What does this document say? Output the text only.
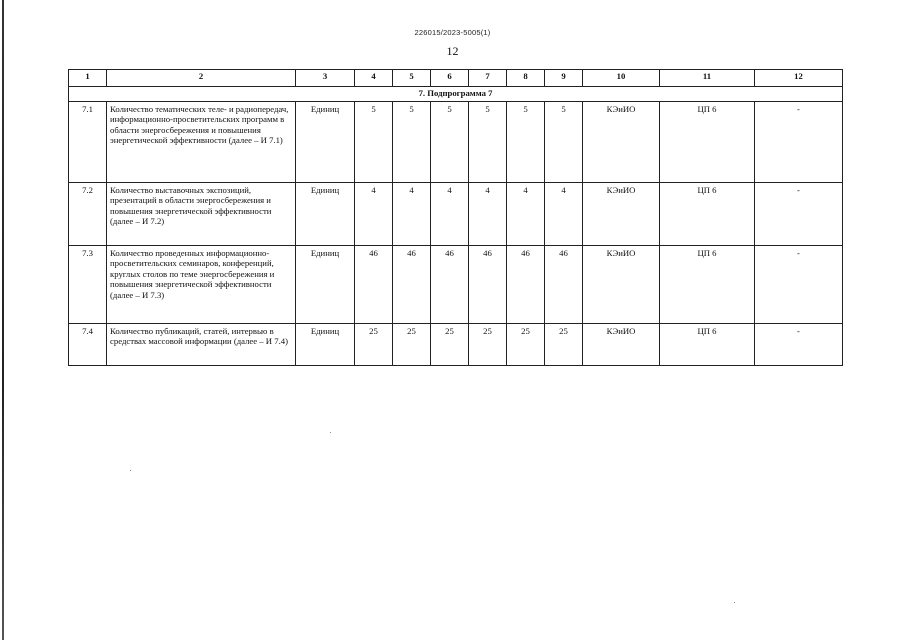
226015/2023-5005(1)
12
1	2	3	4	5	6	7	8	9	10	11	12
7. Подпрограмма 7											
7.1	Количество тематических теле- и радиопередач, информационно-просветительских программ в области энергосбережения и повышения энергетической эффективности (далее – И 7.1)	Единиц	5	5	5	5	5	5	КЭиИО	ЦП 6	-
7.2	Количество выставочных экспозиций, презентаций в области энергосбережения и повышения энергетической эффективности (далее – И 7.2)	Единиц	4	4	4	4	4	4	КЭиИО	ЦП 6	-
7.3	Количество проведенных информационно-просветительских семинаров, конференций, круглых столов по теме энергосбережения и повышения энергетической эффективности (далее – И 7.3)	Единиц	46	46	46	46	46	46	КЭиИО	ЦП 6	-
7.4	Количество публикаций, статей, интервью в средствах массовой информации (далее – И 7.4)	Единиц	25	25	25	25	25	25	КЭиИО	ЦП 6	-
